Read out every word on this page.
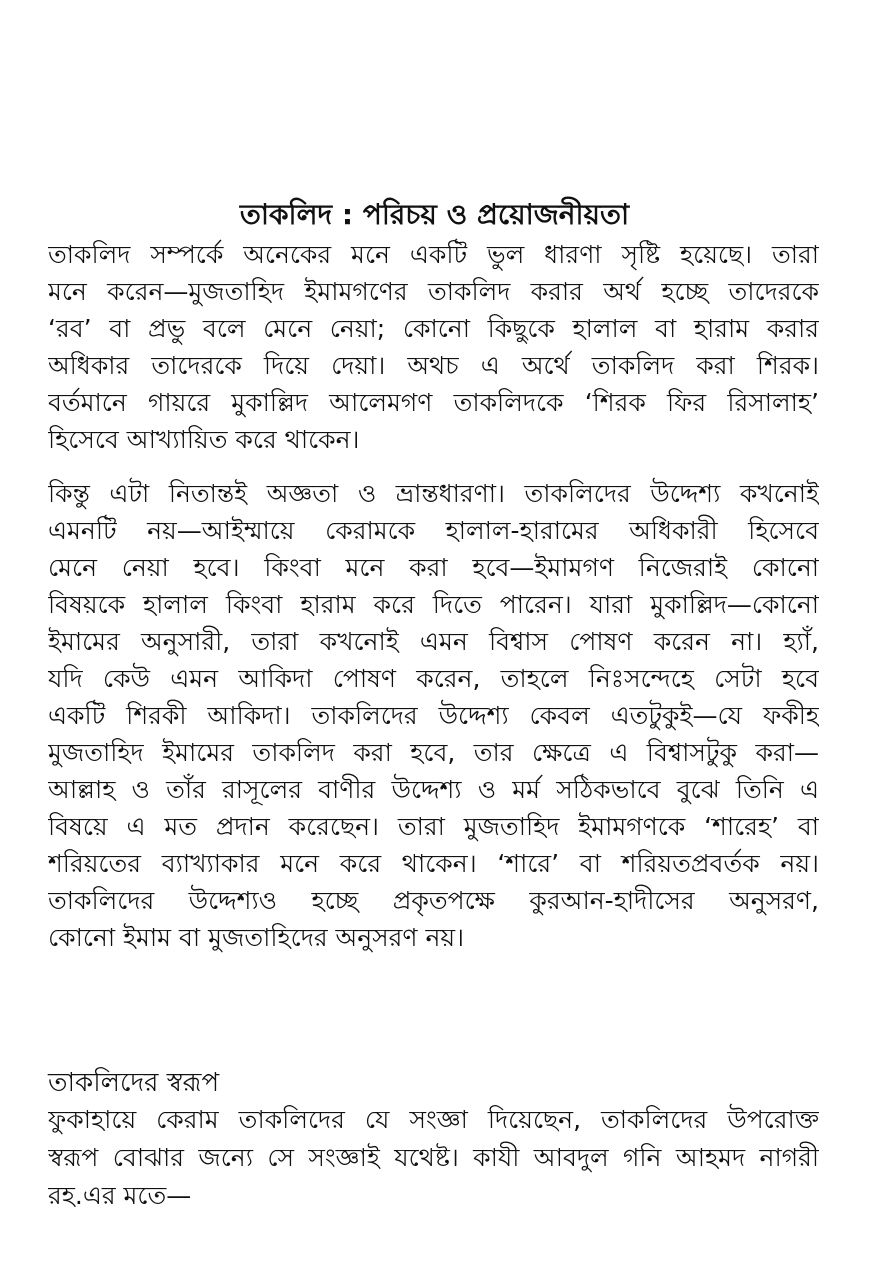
তাকলিদ : পরিচয় ও প্রয়োজনীয়তা
তাকলিদ সম্পর্কে অনেকের মনে একটি ভুল ধারণা সৃষ্টি হয়েছে। তারা
মনে করেন—মুজতাহিদ ইমামগণের তাকলিদ করার অর্থ হচ্ছে তাদেরকে
‘রব’ বা প্রভু বলে মেনে নেয়া; কোনো কিছুকে হালাল বা হারাম করার
অধিকার তাদেরকে দিয়ে দেয়া। অথচ এ অর্থে তাকলিদ করা শিরক।
বর্তমানে গায়রে মুকাল্লিদ আলেমগণ তাকলিদকে ‘শিরক ফির রিসালাহ’
হিসেবে আখ্যায়িত করে থাকেন।
কিন্তু এটা নিতান্তই অজ্ঞতা ও ভ্রান্তধারণা। তাকলিদের উদ্দেশ্য কখনোই
এমনটি নয়—আইম্মায়ে কেরামকে হালাল-হারামের অধিকারী হিসেবে
মেনে নেয়া হবে। কিংবা মনে করা হবে—ইমামগণ নিজেরাই কোনো
বিষয়কে হালাল কিংবা হারাম করে দিতে পারেন। যারা মুকাল্লিদ—কোনো
ইমামের অনুসারী, তারা কখনোই এমন বিশ্বাস পোষণ করেন না। হ্যাঁ,
যদি কেউ এমন আকিদা পোষণ করেন, তাহলে নিঃসন্দেহে সেটা হবে
একটি শিরকী আকিদা। তাকলিদের উদ্দেশ্য কেবল এতটুকুই—যে ফকীহ
মুজতাহিদ ইমামের তাকলিদ করা হবে, তার ক্ষেত্রে এ বিশ্বাসটুকু করা—
আল্লাহ ও তাঁর রাসূলের বাণীর উদ্দেশ্য ও মর্ম সঠিকভাবে বুঝে তিনি এ
বিষয়ে এ মত প্রদান করেছেন। তারা মুজতাহিদ ইমামগণকে ‘শারেহ’ বা
শরিয়তের ব্যাখ্যাকার মনে করে থাকেন। ‘শারে’ বা শরিয়তপ্রবর্তক নয়।
তাকলিদের উদ্দেশ্যও হচ্ছে প্রকৃতপক্ষে কুরআন-হাদীসের অনুসরণ,
কোনো ইমাম বা মুজতাহিদের অনুসরণ নয়।
তাকলিদের স্বরূপ
ফুকাহায়ে কেরাম তাকলিদের যে সংজ্ঞা দিয়েছেন, তাকলিদের উপরোক্ত
স্বরূপ বোঝার জন্যে সে সংজ্ঞাই যথেষ্ট। কাযী আবদুল গনি আহমদ নাগরী
রহ.এর মতে—
